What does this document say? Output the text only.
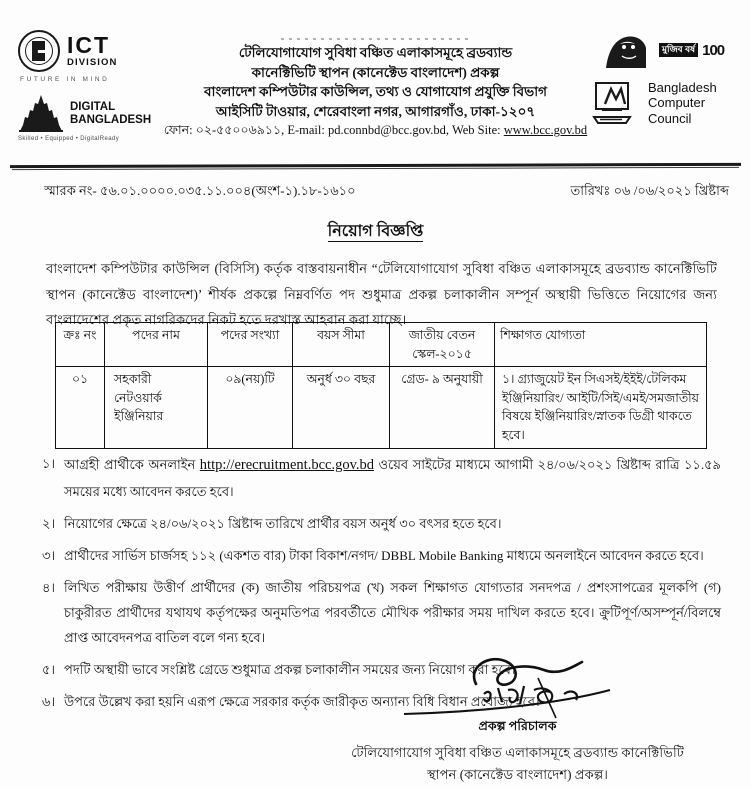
ICT
DIVISION
FUTURE IN MIND
DIGITAL
BANGLADESH
Skilled • Equipped • DigitalReady
টেলিযোগাযোগ সুবিধা বঞ্চিত এলাকাসমূহে ব্রডব্যান্ড
কানেক্টিভিটি স্থাপন (কানেক্টেড বাংলাদেশ) প্রকল্প
বাংলাদেশ কম্পিউটার কাউন্সিল, তথ্য ও যোগাযোগ প্রযুক্তি বিভাগ
আইসিটি টাওয়ার, শেরেবাংলা নগর, আগারগাঁও, ঢাকা-১২০৭
ফোন: ০২-৫৫০০৬৯১১, E-mail: pd.connbd@bcc.gov.bd, Web Site: www.bcc.gov.bd
মুজিব বর্ষ 100
Bangladesh
Computer
Council
স্মারক নং- ৫৬.০১.০০০০.০৩৫.১১.০০৪(অংশ-১).১৮-১৬১০	তারিখঃ ০৬ /০৬/২০২১ খ্রিষ্টাব্দ
নিয়োগ বিজ্ঞপ্তি
বাংলাদেশ কম্পিউটার কাউন্সিল (বিসিসি) কর্তৃক বাস্তবায়নাধীন “টেলিযোগাযোগ সুবিধা বঞ্চিত এলাকাসমূহে ব্রডব্যান্ড কানেক্টিভিটি স্থাপন (কানেক্টেড বাংলাদেশ)’ শীর্ষক প্রকল্পে নিম্নবর্ণিত পদ শুধুমাত্র প্রকল্প চলাকালীন সম্পূর্ন অস্থায়ী ভিত্তিতে নিয়োগের জন্য বাংলাদেশের প্রকৃত নাগরিকদের নিকট হতে দরখাস্ত আহবান করা যাচ্ছে।
ক্রঃ নং	পদের নাম	পদের সংখ্যা	বয়স সীমা	জাতীয় বেতন স্কেল-২০১৫	শিক্ষাগত যোগ্যতা
০১	সহকারী নেটওয়ার্ক ইঞ্জিনিয়ার	০৯(নয়)টি	অনুর্ধ ৩০ বছর	গ্রেড- ৯ অনুযায়ী	১। গ্র্যাজুয়েট ইন সিএসই/ইইই/টেলিকম ইঞ্জিনিয়ারিং/ আইটি/সিই/এমই/সমজাতীয় বিষয়ে ইঞ্জিনিয়ারিং/স্নাতক ডিগ্রী থাকতে হবে।
১। আগ্রহী প্রার্থীকে অনলাইন http://erecruitment.bcc.gov.bd ওয়েব সাইটের মাধ্যমে আগামী ২৪/০৬/২০২১ খ্রিষ্টাব্দ রাত্রি ১১.৫৯ সময়ের মধ্যে আবেদন করতে হবে।
২। নিয়োগের ক্ষেত্রে ২৪/০৬/২০২১ খ্রিষ্টাব্দ তারিখে প্রার্থীর বয়স অনুর্ধ ৩০ বৎসর হতে হবে।
৩। প্রার্থীদের সার্ভিস চার্জসহ ১১২ (একশত বার) টাকা বিকাশ/নগদ/ DBBL Mobile Banking মাধ্যমে অনলাইনে আবেদন করতে হবে।
৪। লিখিত পরীক্ষায় উত্তীর্ণ প্রার্থীদের (ক) জাতীয় পরিচয়পত্র (খ) সকল শিক্ষাগত যোগ্যতার সনদপত্র / প্রশংসাপত্রের মূলকপি (গ) চাকুরীরত প্রার্থীদের যথাযথ কর্তৃপক্ষের অনুমতিপত্র পরবর্তীতে মৌখিক পরীক্ষার সময় দাখিল করতে হবে। ক্রুটিপূর্ণ/অসম্পূর্ন/বিলম্বে প্রাপ্ত আবেদনপত্র বাতিল বলে গন্য হবে।
৫। পদটি অস্থায়ী ভাবে সংশ্লিষ্ট গ্রেডে শুধুমাত্র প্রকল্প চলাকালীন সময়ের জন্য নিয়োগ করা হবে।
৬। উপরে উল্লেখ করা হয়নি এরূপ ক্ষেত্রে সরকার কর্তৃক জারীকৃত অন্যান্য বিধি বিধান প্রযোজ্য হবে।
প্রকল্প পরিচালক
টেলিযোগাযোগ সুবিধা বঞ্চিত এলাকাসমূহে ব্রডব্যান্ড কানেক্টিভিটি
স্থাপন (কানেক্টেড বাংলাদেশ) প্রকল্প।
